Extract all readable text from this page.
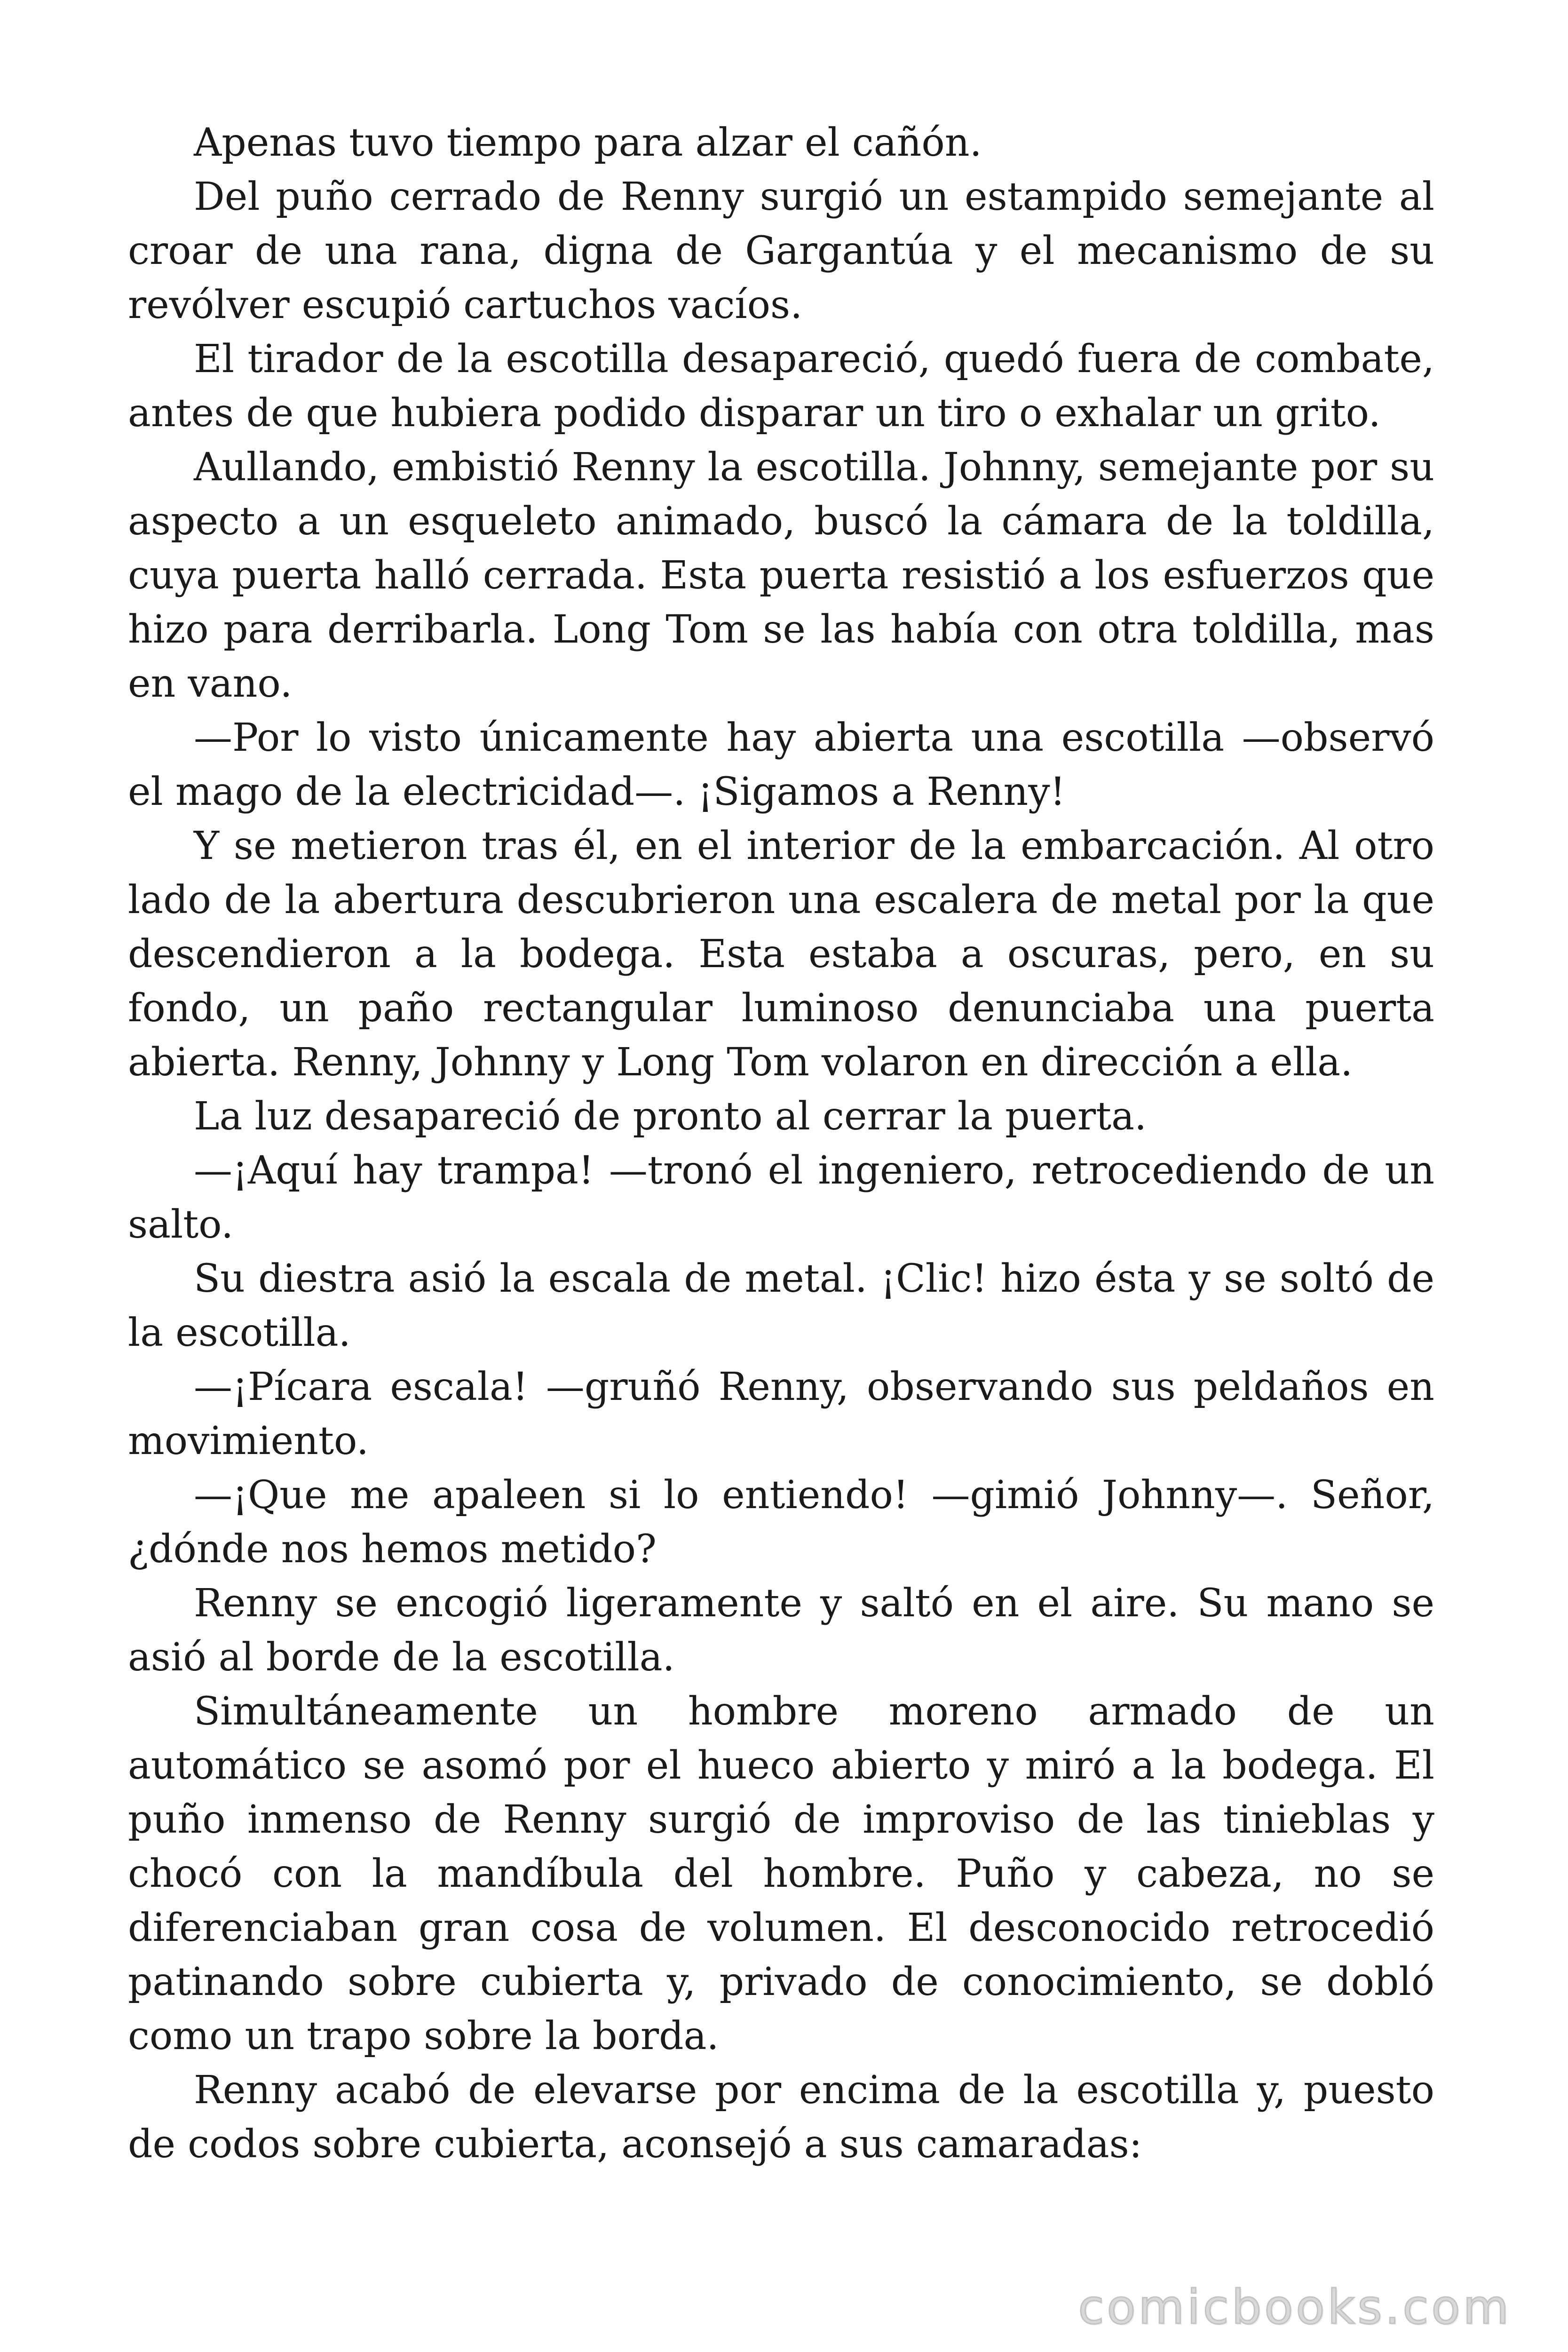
Apenas tuvo tiempo para alzar el cañón.

Del puño cerrado de Renny surgió un estampido semejante al croar de una rana, digna de Gargantúa y el mecanismo de su revólver escupió cartuchos vacíos.

El tirador de la escotilla desapareció, quedó fuera de combate, antes de que hubiera podido disparar un tiro o exhalar un grito.

Aullando, embistió Renny la escotilla. Johnny, semejante por su aspecto a un esqueleto animado, buscó la cámara de la toldilla, cuya puerta halló cerrada. Esta puerta resistió a los esfuerzos que hizo para derribarla. Long Tom se las había con otra toldilla, mas en vano.

—Por lo visto únicamente hay abierta una escotilla —observó el mago de la electricidad—. ¡Sigamos a Renny!

Y se metieron tras él, en el interior de la embarcación. Al otro lado de la abertura descubrieron una escalera de metal por la que descendieron a la bodega. Esta estaba a oscuras, pero, en su fondo, un paño rectangular luminoso denunciaba una puerta abierta. Renny, Johnny y Long Tom volaron en dirección a ella.

La luz desapareció de pronto al cerrar la puerta.

—¡Aquí hay trampa! —tronó el ingeniero, retrocediendo de un salto.

Su diestra asió la escala de metal. ¡Clic! hizo ésta y se soltó de la escotilla.

—¡Pícara escala! —gruñó Renny, observando sus peldaños en movimiento.

—¡Que me apaleen si lo entiendo! —gimió Johnny—. Señor, ¿dónde nos hemos metido?

Renny se encogió ligeramente y saltó en el aire. Su mano se asió al borde de la escotilla.

Simultáneamente un hombre moreno armado de un automático se asomó por el hueco abierto y miró a la bodega. El puño inmenso de Renny surgió de improviso de las tinieblas y chocó con la mandíbula del hombre. Puño y cabeza, no se diferenciaban gran cosa de volumen. El desconocido retrocedió patinando sobre cubierta y, privado de conocimiento, se dobló como un trapo sobre la borda.

Renny acabó de elevarse por encima de la escotilla y, puesto de codos sobre cubierta, aconsejó a sus camaradas:

comicbooks.com
